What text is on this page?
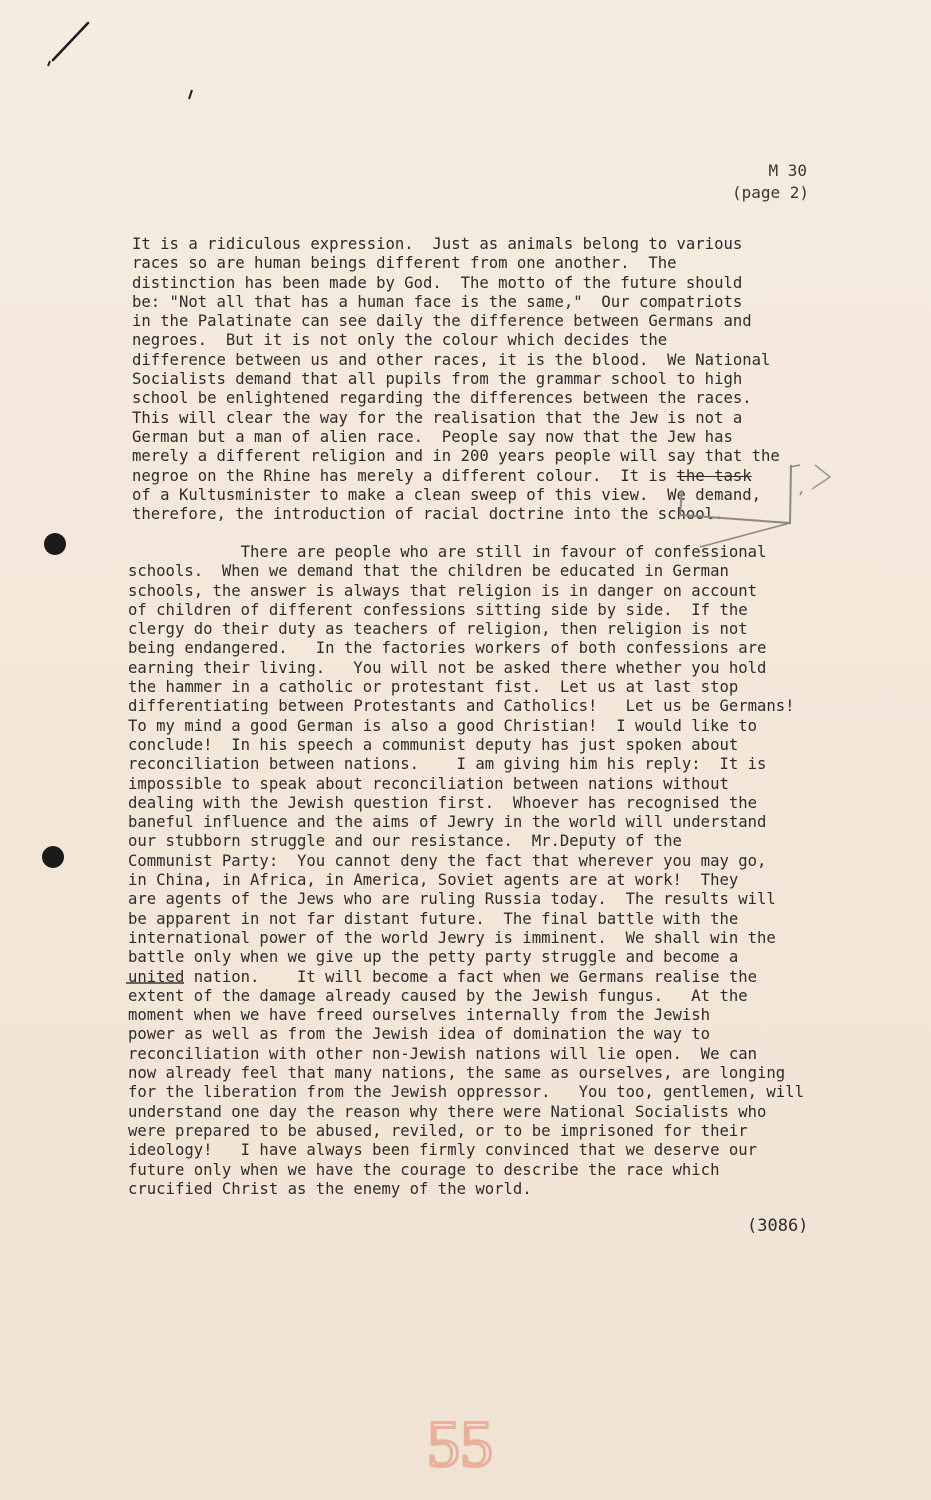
M 30
(page 2)
It is a ridiculous expression.  Just as animals belong to various
races so are human beings different from one another.  The
distinction has been made by God.  The motto of the future should
be: "Not all that has a human face is the same,"  Our compatriots
in the Palatinate can see daily the difference between Germans and
negroes.  But it is not only the colour which decides the
difference between us and other races, it is the blood.  We National
Socialists demand that all pupils from the grammar school to high
school be enlightened regarding the differences between the races.
This will clear the way for the realisation that the Jew is not a
German but a man of alien race.  People say now that the Jew has
merely a different religion and in 200 years people will say that the
negroe on the Rhine has merely a different colour.  It is the task
of a Kultusminister to make a clean sweep of this view.  We demand,
therefore, the introduction of racial doctrine into the school.
There are people who are still in favour of confessional
schools.  When we demand that the children be educated in German
schools, the answer is always that religion is in danger on account
of children of different confessions sitting side by side.  If the
clergy do their duty as teachers of religion, then religion is not
being endangered.   In the factories workers of both confessions are
earning their living.   You will not be asked there whether you hold
the hammer in a catholic or protestant fist.  Let us at last stop
differentiating between Protestants and Catholics!   Let us be Germans!
To my mind a good German is also a good Christian!  I would like to
conclude!  In his speech a communist deputy has just spoken about
reconciliation between nations.    I am giving him his reply:  It is
impossible to speak about reconciliation between nations without
dealing with the Jewish question first.  Whoever has recognised the
baneful influence and the aims of Jewry in the world will understand
our stubborn struggle and our resistance.  Mr.Deputy of the
Communist Party:  You cannot deny the fact that wherever you may go,
in China, in Africa, in America, Soviet agents are at work!  They
are agents of the Jews who are ruling Russia today.  The results will
be apparent in not far distant future.  The final battle with the
international power of the world Jewry is imminent.  We shall win the
battle only when we give up the petty party struggle and become a
united nation.    It will become a fact when we Germans realise the
extent of the damage already caused by the Jewish fungus.   At the
moment when we have freed ourselves internally from the Jewish
power as well as from the Jewish idea of domination the way to
reconciliation with other non-Jewish nations will lie open.  We can
now already feel that many nations, the same as ourselves, are longing
for the liberation from the Jewish oppressor.   You too, gentlemen, will
understand one day the reason why there were National Socialists who
were prepared to be abused, reviled, or to be imprisoned for their
ideology!   I have always been firmly convinced that we deserve our
future only when we have the courage to describe the race which
crucified Christ as the enemy of the world.
(3086)
55
